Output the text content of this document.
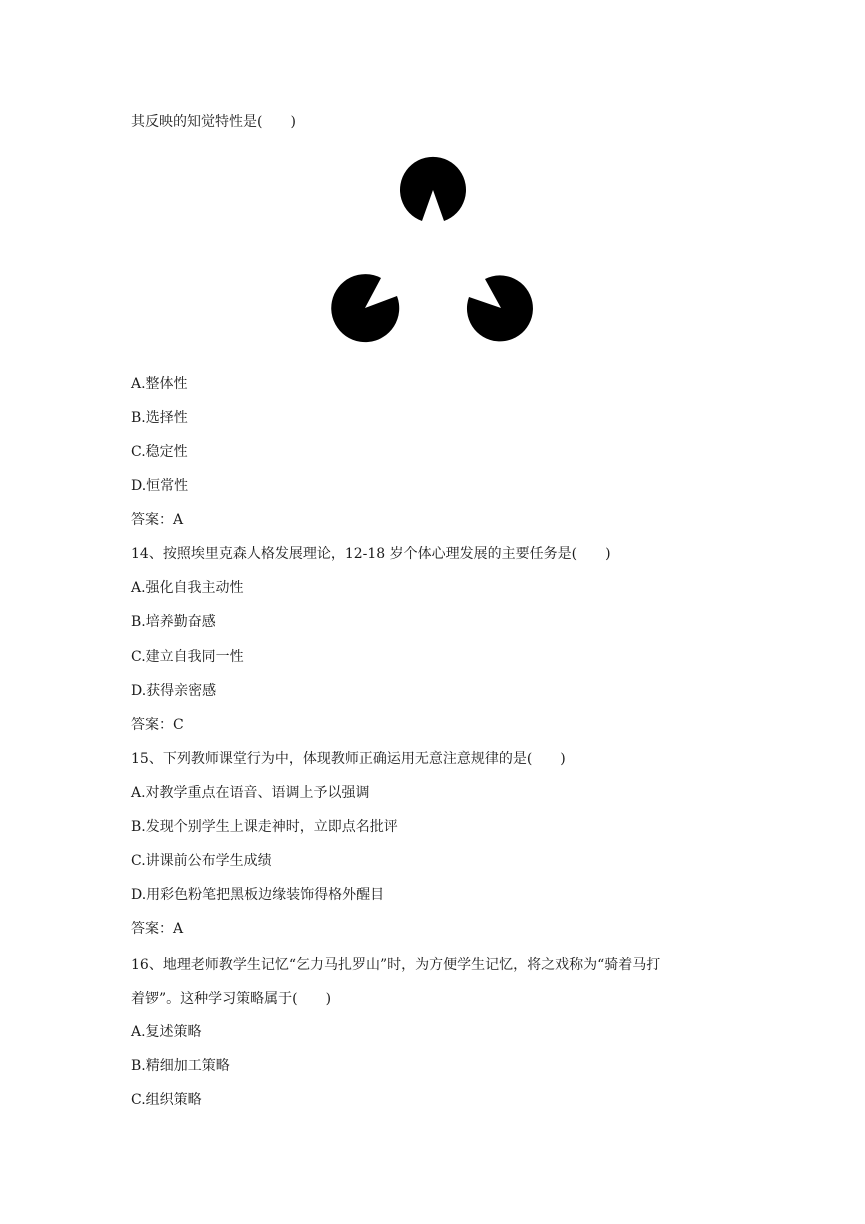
其反映的知觉特性是(　　)
A.整体性
B.选择性
C.稳定性
D.恒常性
答案：A
14、按照埃里克森人格发展理论，12-18 岁个体心理发展的主要任务是(　　)
A.强化自我主动性
B.培养勤奋感
C.建立自我同一性
D.获得亲密感
答案：C
15、下列教师课堂行为中，体现教师正确运用无意注意规律的是(　　)
A.对教学重点在语音、语调上予以强调
B.发现个别学生上课走神时，立即点名批评
C.讲课前公布学生成绩
D.用彩色粉笔把黑板边缘装饰得格外醒目
答案：A
16、地理老师教学生记忆“乞力马扎罗山”时，为方便学生记忆，将之戏称为“骑着马打
着锣”。这种学习策略属于(　　)
A.复述策略
B.精细加工策略
C.组织策略
